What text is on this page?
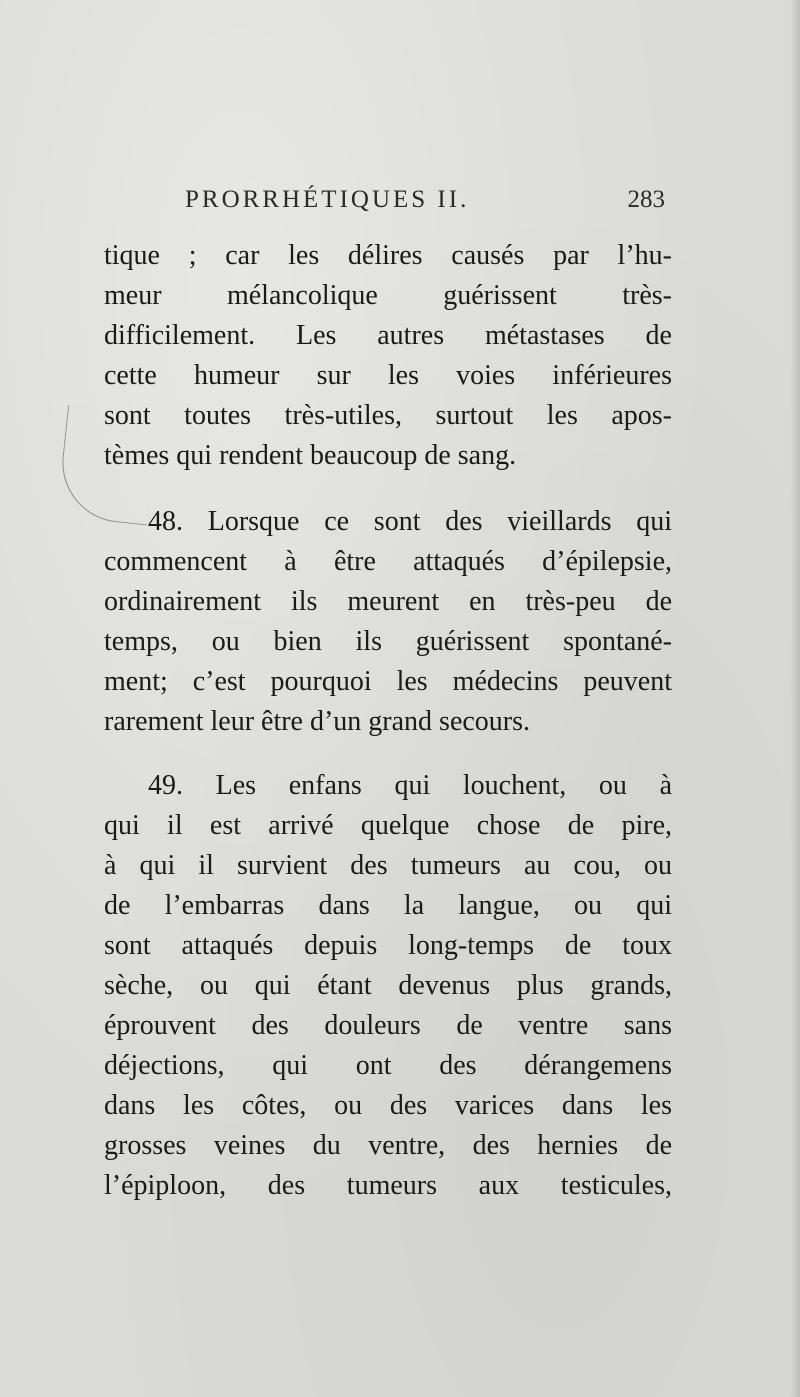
PRORRHÉTIQUES II.	283
tique ; car les délires causés par l’hu-
meur mélancolique guérissent très-
difficilement. Les autres métastases de
cette humeur sur les voies inférieures
sont toutes très-utiles, surtout les apos-
tèmes qui rendent beaucoup de sang.
48. Lorsque ce sont des vieillards qui
commencent à être attaqués d’épilepsie,
ordinairement ils meurent en très-peu de
temps, ou bien ils guérissent spontané-
ment; c’est pourquoi les médecins peuvent
rarement leur être d’un grand secours.
49. Les enfans qui louchent, ou à
qui il est arrivé quelque chose de pire,
à qui il survient des tumeurs au cou, ou
de l’embarras dans la langue, ou qui
sont attaqués depuis long-temps de toux
sèche, ou qui étant devenus plus grands,
éprouvent des douleurs de ventre sans
déjections, qui ont des dérangemens
dans les côtes, ou des varices dans les
grosses veines du ventre, des hernies de
l’épiploon, des tumeurs aux testicules,
